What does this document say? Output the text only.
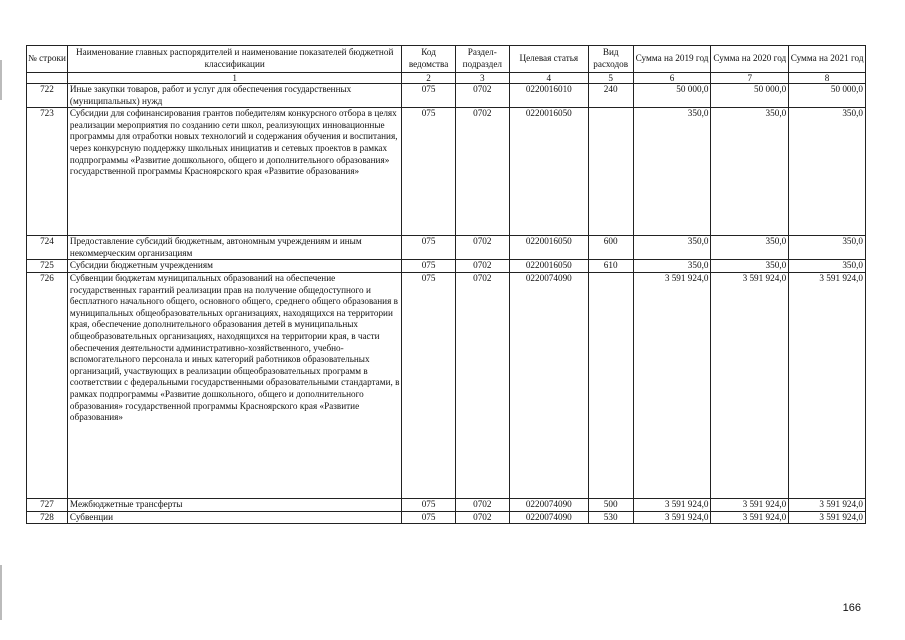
№ строки	Наименование главных распорядителей и наименование показателей бюджетной классификации	Код ведомства	Раздел-подраздел	Целевая статья	Вид расходов	Сумма на 2019 год	Сумма на 2020 год	Сумма на 2021 год
	1	2	3	4	5	6	7	8
722	Иные закупки товаров, работ и услуг для обеспечения государственных (муниципальных) нужд	075	0702	0220016010	240	50 000,0	50 000,0	50 000,0
723	Субсидии для софинансирования грантов победителям конкурсного отбора в целях реализации мероприятия по созданию сети школ, реализующих инновационные программы для отработки новых технологий и содержания обучения и воспитания, через конкурсную поддержку школьных инициатив и сетевых проектов в рамках подпрограммы «Развитие дошкольного, общего и дополнительного образования» государственной программы Красноярского края «Развитие образования»	075	0702	0220016050		350,0	350,0	350,0
724	Предоставление субсидий бюджетным, автономным учреждениям и иным некоммерческим организациям	075	0702	0220016050	600	350,0	350,0	350,0
725	Субсидии бюджетным учреждениям	075	0702	0220016050	610	350,0	350,0	350,0
726	Субвенции бюджетам муниципальных образований на обеспечение государственных гарантий реализации прав на получение общедоступного и бесплатного начального общего, основного общего, среднего общего образования в муниципальных общеобразовательных организациях, находящихся на территории края, обеспечение дополнительного образования детей в муниципальных общеобразовательных организациях, находящихся на территории края, в части обеспечения деятельности административно-хозяйственного, учебно-вспомогательного персонала и иных категорий работников образовательных организаций, участвующих в реализации общеобразовательных программ в соответствии с федеральными государственными образовательными стандартами, в рамках подпрограммы «Развитие дошкольного, общего и дополнительного образования» государственной программы Красноярского края «Развитие образования»	075	0702	0220074090		3 591 924,0	3 591 924,0	3 591 924,0
727	Межбюджетные трансферты	075	0702	0220074090	500	3 591 924,0	3 591 924,0	3 591 924,0
728	Субвенции	075	0702	0220074090	530	3 591 924,0	3 591 924,0	3 591 924,0
166
